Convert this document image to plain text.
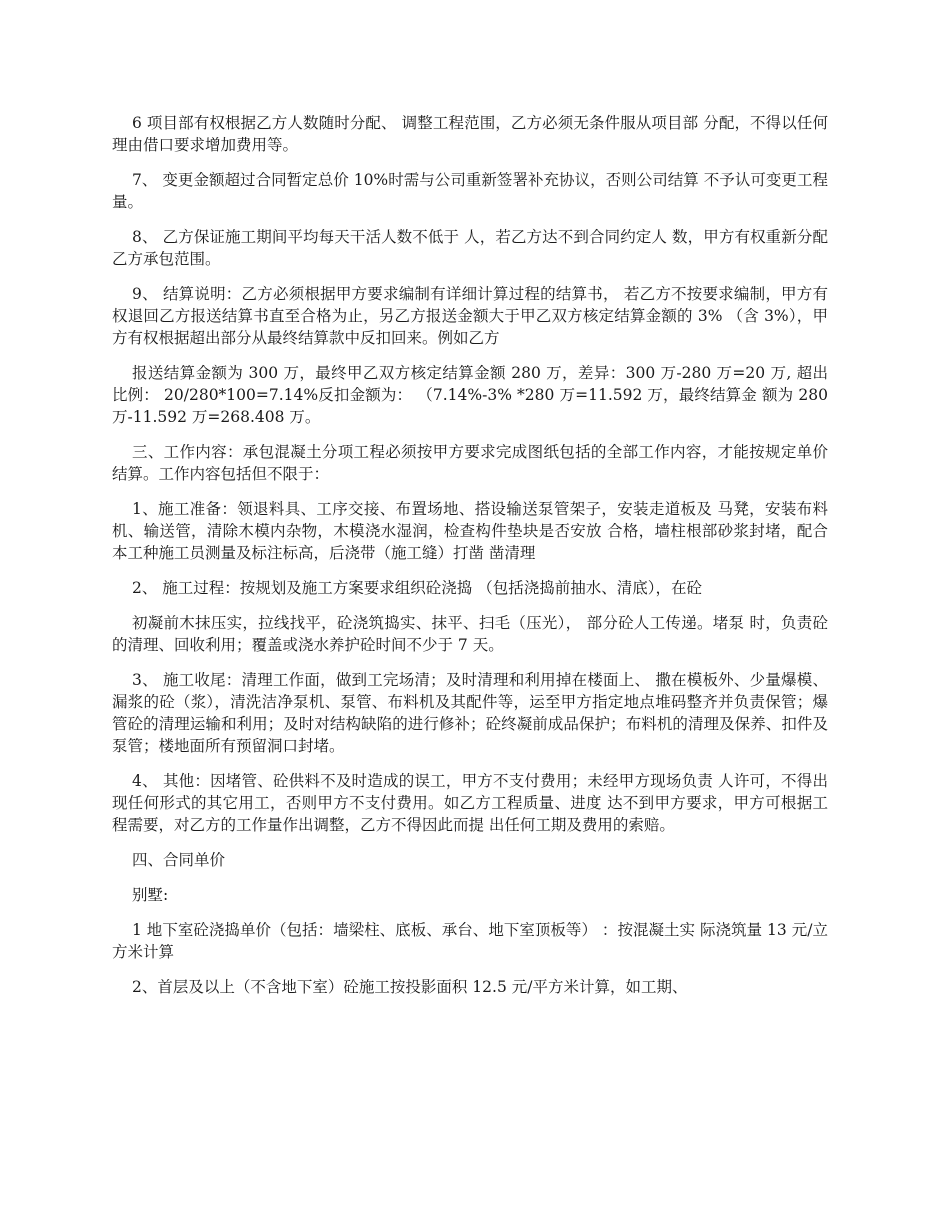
6 项目部有权根据乙方人数随时分配、 调整工程范围，乙方必须无条件服从项目部 分配，不得以任何理由借口要求增加费用等。

7、 变更金额超过合同暂定总价 10%时需与公司重新签署补充协议，否则公司结算 不予认可变更工程量。

8、 乙方保证施工期间平均每天干活人数不低于 人，若乙方达不到合同约定人 数，甲方有权重新分配乙方承包范围。

9、 结算说明：乙方必须根据甲方要求编制有详细计算过程的结算书， 若乙方不按要求编制，甲方有权退回乙方报送结算书直至合格为止，另乙方报送金额大于甲乙双方核定结算金额的 3% （含 3%），甲方有权根据超出部分从最终结算款中反扣回来。例如乙方

报送结算金额为 300 万，最终甲乙双方核定结算金额 280 万，差异：300 万-280 万=20 万, 超出比例： 20/280*100=7.14%反扣金额为： （7.14%-3% *280 万=11.592 万，最终结算金 额为 280 万-11.592 万=268.408 万。

三、工作内容：承包混凝土分项工程必须按甲方要求完成图纸包括的全部工作内容，才能按规定单价结算。工作内容包括但不限于：

1、施工准备：领退料具、工序交接、布置场地、搭设输送泵管架子，安装走道板及 马凳，安装布料机、输送管，清除木模内杂物，木模浇水湿润，检查构件垫块是否安放 合格，墙柱根部砂浆封堵，配合本工种施工员测量及标注标高，后浇带（施工缝）打凿 凿清理

2、 施工过程：按规划及施工方案要求组织砼浇捣 （包括浇捣前抽水、清底），在砼

初凝前木抹压实，拉线找平，砼浇筑捣实、抹平、扫毛（压光）， 部分砼人工传递。堵泵 时，负责砼的清理、回收利用；覆盖或浇水养护砼时间不少于 7 天。

3、 施工收尾：清理工作面，做到工完场清；及时清理和利用掉在楼面上、 撒在模板外、少量爆模、漏浆的砼（浆），清洗洁净泵机、泵管、布料机及其配件等，运至甲方指定地点堆码整齐并负责保管；爆管砼的清理运输和利用；及时对结构缺陷的进行修补；砼终凝前成品保护；布料机的清理及保养、扣件及泵管；楼地面所有预留洞口封堵。

4、 其他：因堵管、砼供料不及时造成的误工，甲方不支付费用；未经甲方现场负责 人许可，不得出现任何形式的其它用工，否则甲方不支付费用。如乙方工程质量、进度 达不到甲方要求，甲方可根据工程需要，对乙方的工作量作出调整，乙方不得因此而提 出任何工期及费用的索赔。

四、合同单价

别墅:

1 地下室砼浇捣单价（包括：墙梁柱、底板、承台、地下室顶板等） ：按混凝土实 际浇筑量 13 元/立方米计算

2、首层及以上（不含地下室）砼施工按投影面积 12.5 元/平方米计算，如工期、
